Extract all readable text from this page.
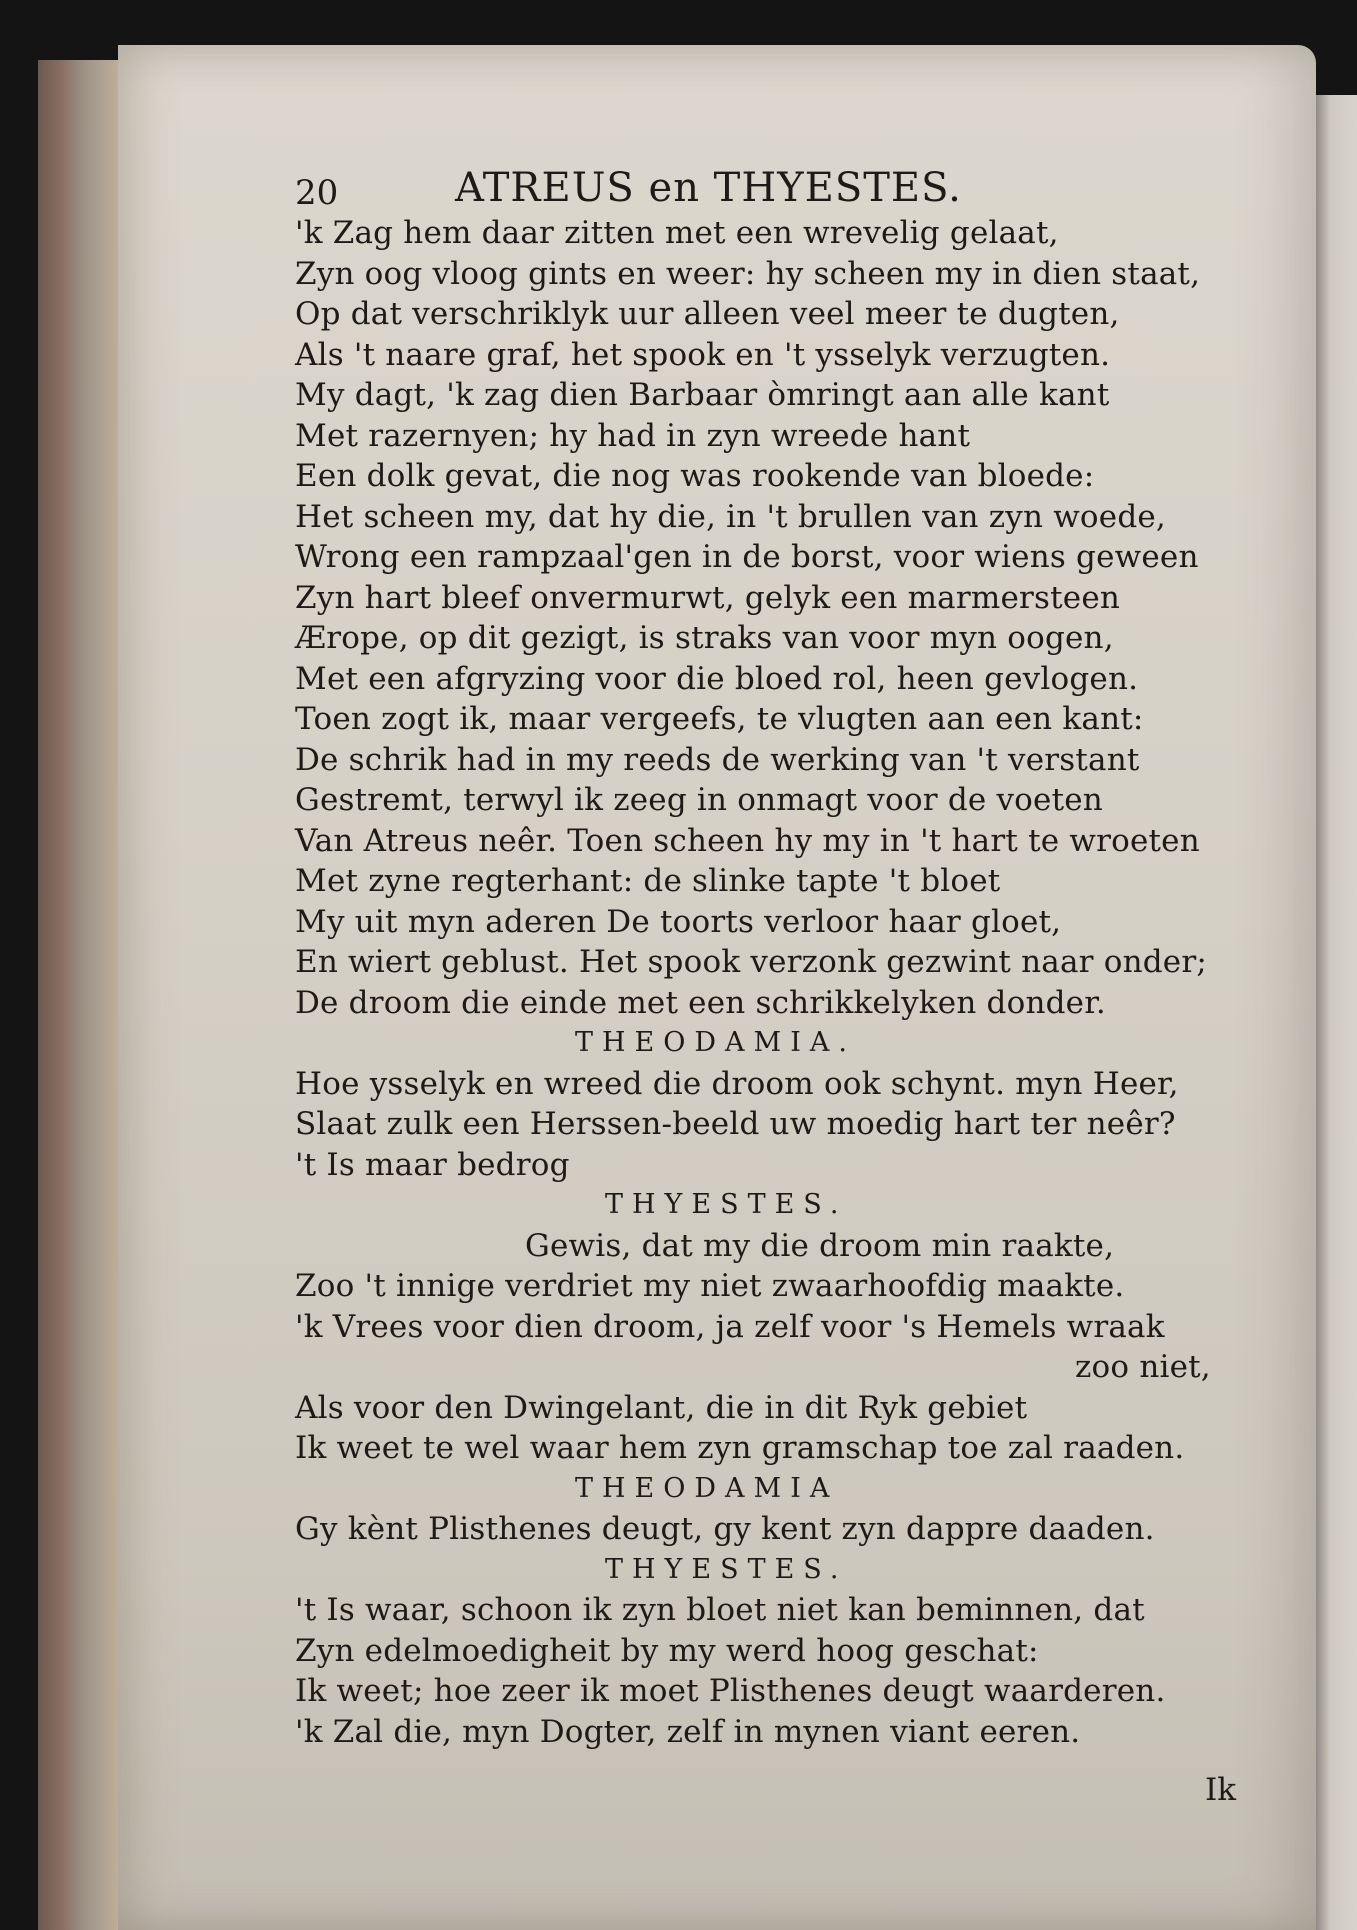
20	ATREUS en THYESTES.
'k Zag hem daar zitten met een wrevelig gelaat,
Zyn oog vloog gints en weer: hy scheen my in dien staat,
Op dat verschriklyk uur alleen veel meer te dugten,
Als 't naare graf, het spook en 't ysselyk verzugten.
My dagt, 'k zag dien Barbaar òmringt aan alle kant
Met razernyen; hy had in zyn wreede hant
Een dolk gevat, die nog was rookende van bloede:
Het scheen my, dat hy die, in 't brullen van zyn woede,
Wrong een rampzaal'gen in de borst, voor wiens geween
Zyn hart bleef onvermurwt, gelyk een marmersteen
Ærope, op dit gezigt, is straks van voor myn oogen,
Met een afgryzing voor die bloed rol, heen gevlogen.
Toen zogt ik, maar vergeefs, te vlugten aan een kant:
De schrik had in my reeds de werking van 't verstant
Gestremt, terwyl ik zeeg in onmagt voor de voeten
Van Atreus neêr. Toen scheen hy my in 't hart te wroeten
Met zyne regterhant: de slinke tapte 't bloet
My uit myn aderen De toorts verloor haar gloet,
En wiert geblust. Het spook verzonk gezwint naar onder;
De droom die einde met een schrikkelyken donder.
THEODAMIA.
Hoe ysselyk en wreed die droom ook schynt. myn Heer,
Slaat zulk een Herssen-beeld uw moedig hart ter neêr?
't Is maar bedrog
THYESTES.
Gewis, dat my die droom min raakte,
Zoo 't innige verdriet my niet zwaarhoofdig maakte.
'k Vrees voor dien droom, ja zelf voor 's Hemels wraak
zoo niet,
Als voor den Dwingelant, die in dit Ryk gebiet
Ik weet te wel waar hem zyn gramschap toe zal raaden.
THEODAMIA
Gy kènt Plisthenes deugt, gy kent zyn dappre daaden.
THYESTES.
't Is waar, schoon ik zyn bloet niet kan beminnen, dat
Zyn edelmoedigheit by my werd hoog geschat:
Ik weet; hoe zeer ik moet Plisthenes deugt waarderen.
'k Zal die, myn Dogter, zelf in mynen viant eeren.
Ik
